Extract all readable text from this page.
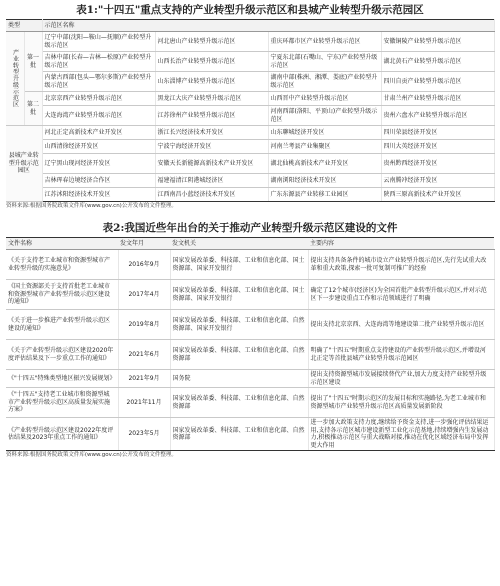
表1:"十四五"重点支持的产业转型升级示范区和县城产业转型升级示范园区
类型		示范区名称			
产业转型升级示范区	第一批	辽宁中部(沈阳—鞍山—抚顺)产业转型升级示范区	河北唐山产业转型升级示范区	重庆环都市区产业转型升级示范区	安徽铜陵产业转型升级示范区
		吉林中部(长春—吉林—松原)产业转型升级示范区	山西长治产业转型升级示范区	宁夏东北部(石嘴山、宁东)产业转型升级示范区	湖北黄石产业转型升级示范区
		内蒙古西部(包头—鄂尔多斯)产业转型升级示范区	山东淄博产业转型升级示范区	湖南中部(株洲、湘潭、娄底)产业转型升级示范区	四川自贡产业转型升级示范区
	第二批	北京京西产业转型升级示范区	黑龙江大庆产业转型升级示范区	山西晋中产业转型升级示范区	甘肃兰州产业转型升级示范区
		大连海湾产业转型升级示范区	江苏徐州产业转型升级示范区	河南西部(洛阳、平顶山)产业转型升级示范区	贵州六盘水产业转型升级示范区
县城产业转型升级示范园区		河北正定高新技术产业开发区	浙江长兴经济技术开发区	山东聊城经济开发区	四川荣县经济开发区
		山西清徐经济开发区	宁波宁海经济开发区	河南兰考县产业集聚区	四川大英经济开发区
		辽宁黑山现河经济开发区	安徽天长新能源高新技术产业开发区	湖北仙桃高新技术产业开发区	贵州黔西经济开发区
		吉林珲春边境经济合作区	福建福清江阴港城经济区	湖南浏阳经济技术开发区	云南腾冲经济开发区
		江苏沭阳经济技术开发区	江西南昌小蓝经济技术开发区	广东东源县产业转移工业园区	陕西三原高新技术产业开发区
资料来源:根据国务院政策文件库(www.gov.cn)公开发布的文件整理。
表2:我国近些年出台的关于推动产业转型升级示范区建设的文件
文件名称	发文年月	发文机关	主要内容
《关于支持老工业城市和资源型城市产业转型升级的实施意见》	2016年9月	国家发展改革委、科技部、工业和信息化部、国土资源部、国家开发银行	提出支持具备条件的城市设立产业转型升级示范区,先行先试重大改革和重大政策,探索一批可复制可推广的经验
《国土资源部关于支持首批老工业城市和资源型城市产业转型升级示范区建设的通知》	2017年4月	国家发展改革委、科技部、工业和信息化部、国土资源部、国家开发银行	确定了12个城市(经济区)为全国首批产业转型升级示范区,并对示范区下一步建设重点工作和示范领域进行了明确
《关于进一步推进产业转型升级示范区建设的通知》	2019年8月	国家发展改革委、科技部、工业和信息化部、自然资源部、国家开发银行	提出支持北京京西、大连海湾等地建设第二批产业转型升级示范区
《关于产业转型升级示范区建设2020年度评估结果及下一步重点工作的通知》	2021年6月	国家发展改革委、科技部、工业和信息化部、自然资源部	明确了"十四五"时期重点支持建设的产业转型升级示范区,并增设河北正定等首批县城产业转型升级示范园区
《"十四五"特殊类型地区振兴发展规划》	2021年9月	国务院	提出支持资源型城市发展接续替代产业,加大力度支持产业转型升级示范区建设
《"十四五"支持老工业城市和资源型城市产业转型升级示范区高质量发展实施方案》	2021年11月	国家发展改革委、科技部、工业和信息化部、自然资源部	提出了"十四五"时期示范区的发展目标和实施路径,为老工业城市和资源型城市产业转型升级示范区高质量发展新阶段
《产业转型升级示范区建设2022年度评估结果及2023年重点工作的通知》	2023年5月	国家发展改革委、科技部、工业和信息化部、自然资源部	进一步加大政策支持力度,继续给予资金支持,进一步强化评估结果运用,支持各示范区城市建设新型工业化示范基地,持续增强内生发展动力,积极推动示范区与重大战略对接,推动在优化区域经济布局中发挥更大作用
资料来源:根据国务院政策文件库(www.gov.cn)公开发布的文件整理。
